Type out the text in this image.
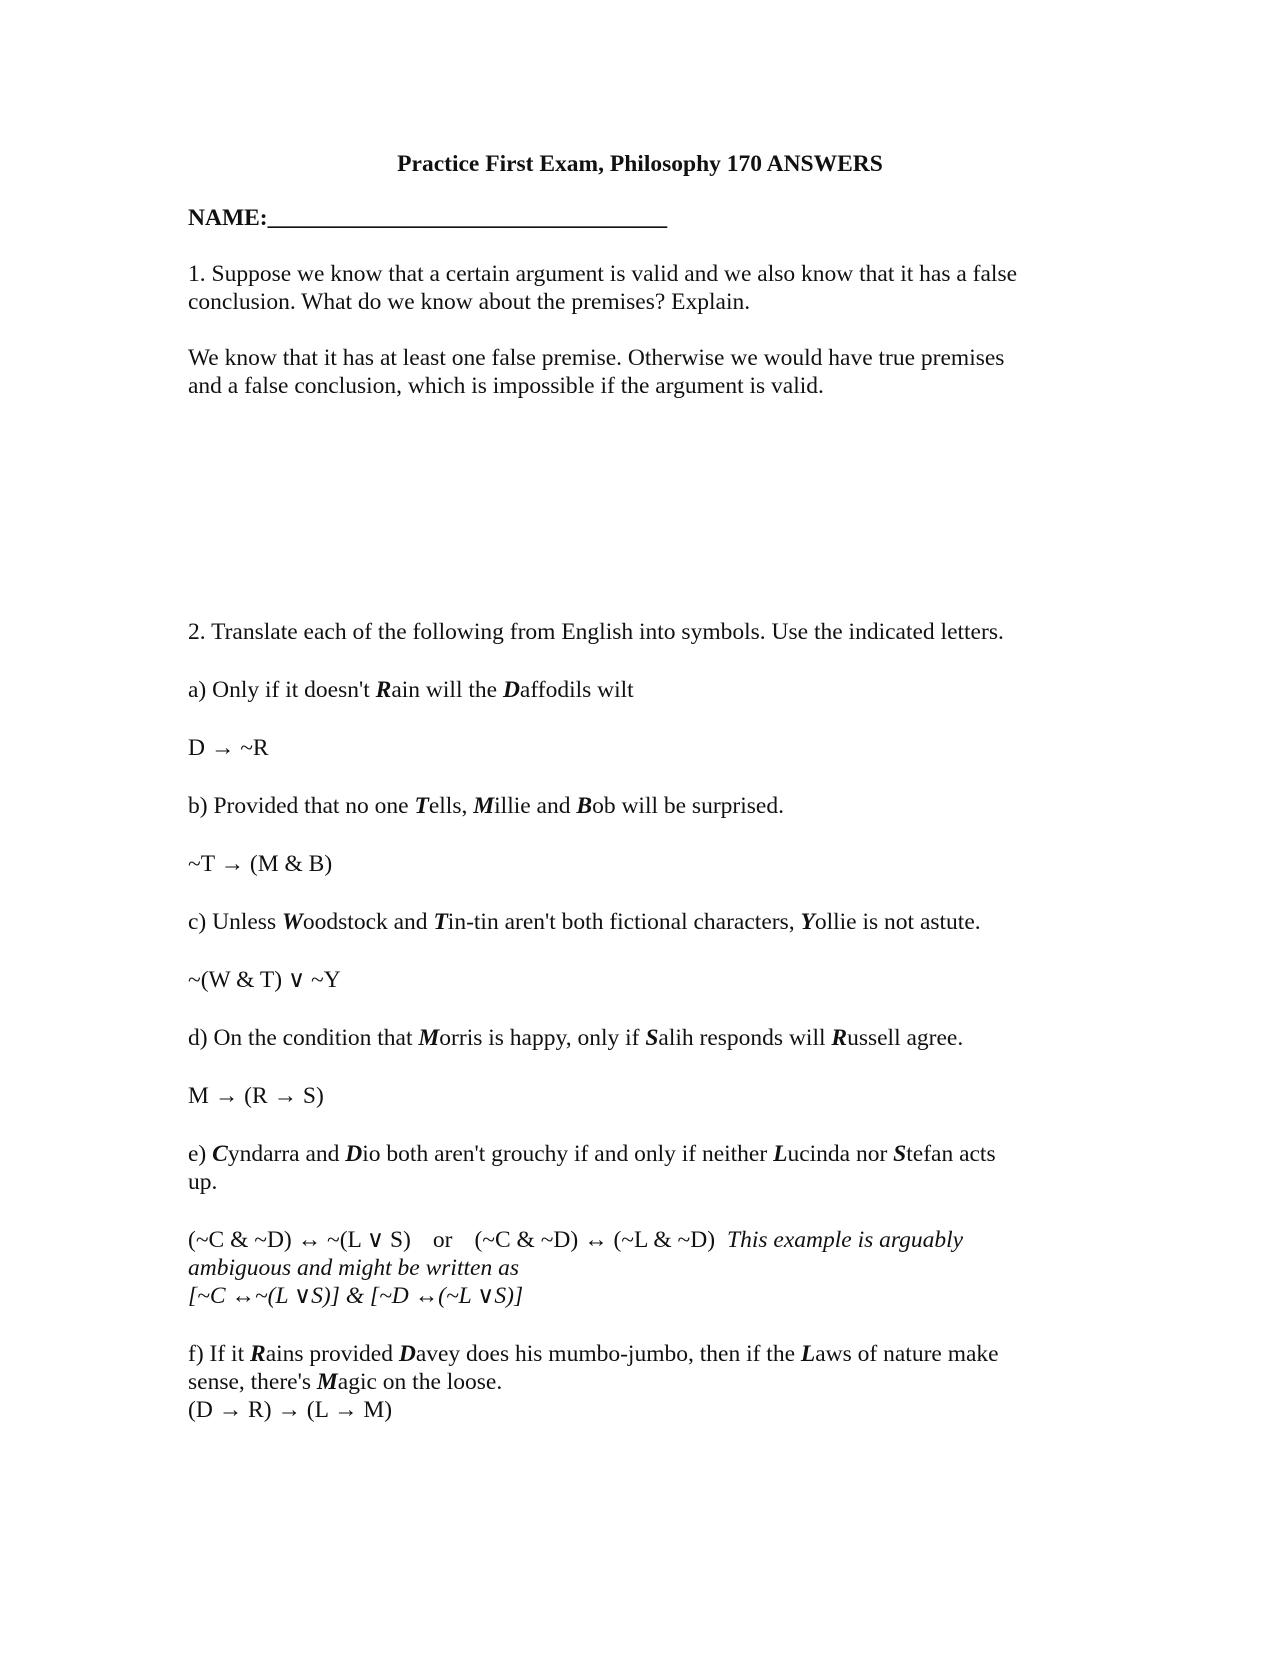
Practice First Exam, Philosophy 170 ANSWERS
NAME:__________________________________
1. Suppose we know that a certain argument is valid and we also know that it has a false
conclusion. What do we know about the premises? Explain.
We know that it has at least one false premise. Otherwise we would have true premises
and a false conclusion, which is impossible if the argument is valid.
2. Translate each of the following from English into symbols. Use the indicated letters.
a) Only if it doesn't Rain will the Daffodils wilt
D → ~R
b) Provided that no one Tells, Millie and Bob will be surprised.
~T → (M & B)
c) Unless Woodstock and Tin-tin aren't both fictional characters, Yollie is not astute.
~(W & T) ∨ ~Y
d) On the condition that Morris is happy, only if Salih responds will Russell agree.
M → (R → S)
e) Cyndarra and Dio both aren't grouchy if and only if neither Lucinda nor Stefan acts
up.
(~C & ~D) ↔ ~(L ∨ S) or (~C & ~D) ↔ (~L & ~D) This example is arguably
ambiguous and might be written as
[~C ↔~(L ∨S)] & [~D ↔(~L ∨S)]
f) If it Rains provided Davey does his mumbo-jumbo, then if the Laws of nature make
sense, there's Magic on the loose.
(D → R) → (L → M)
